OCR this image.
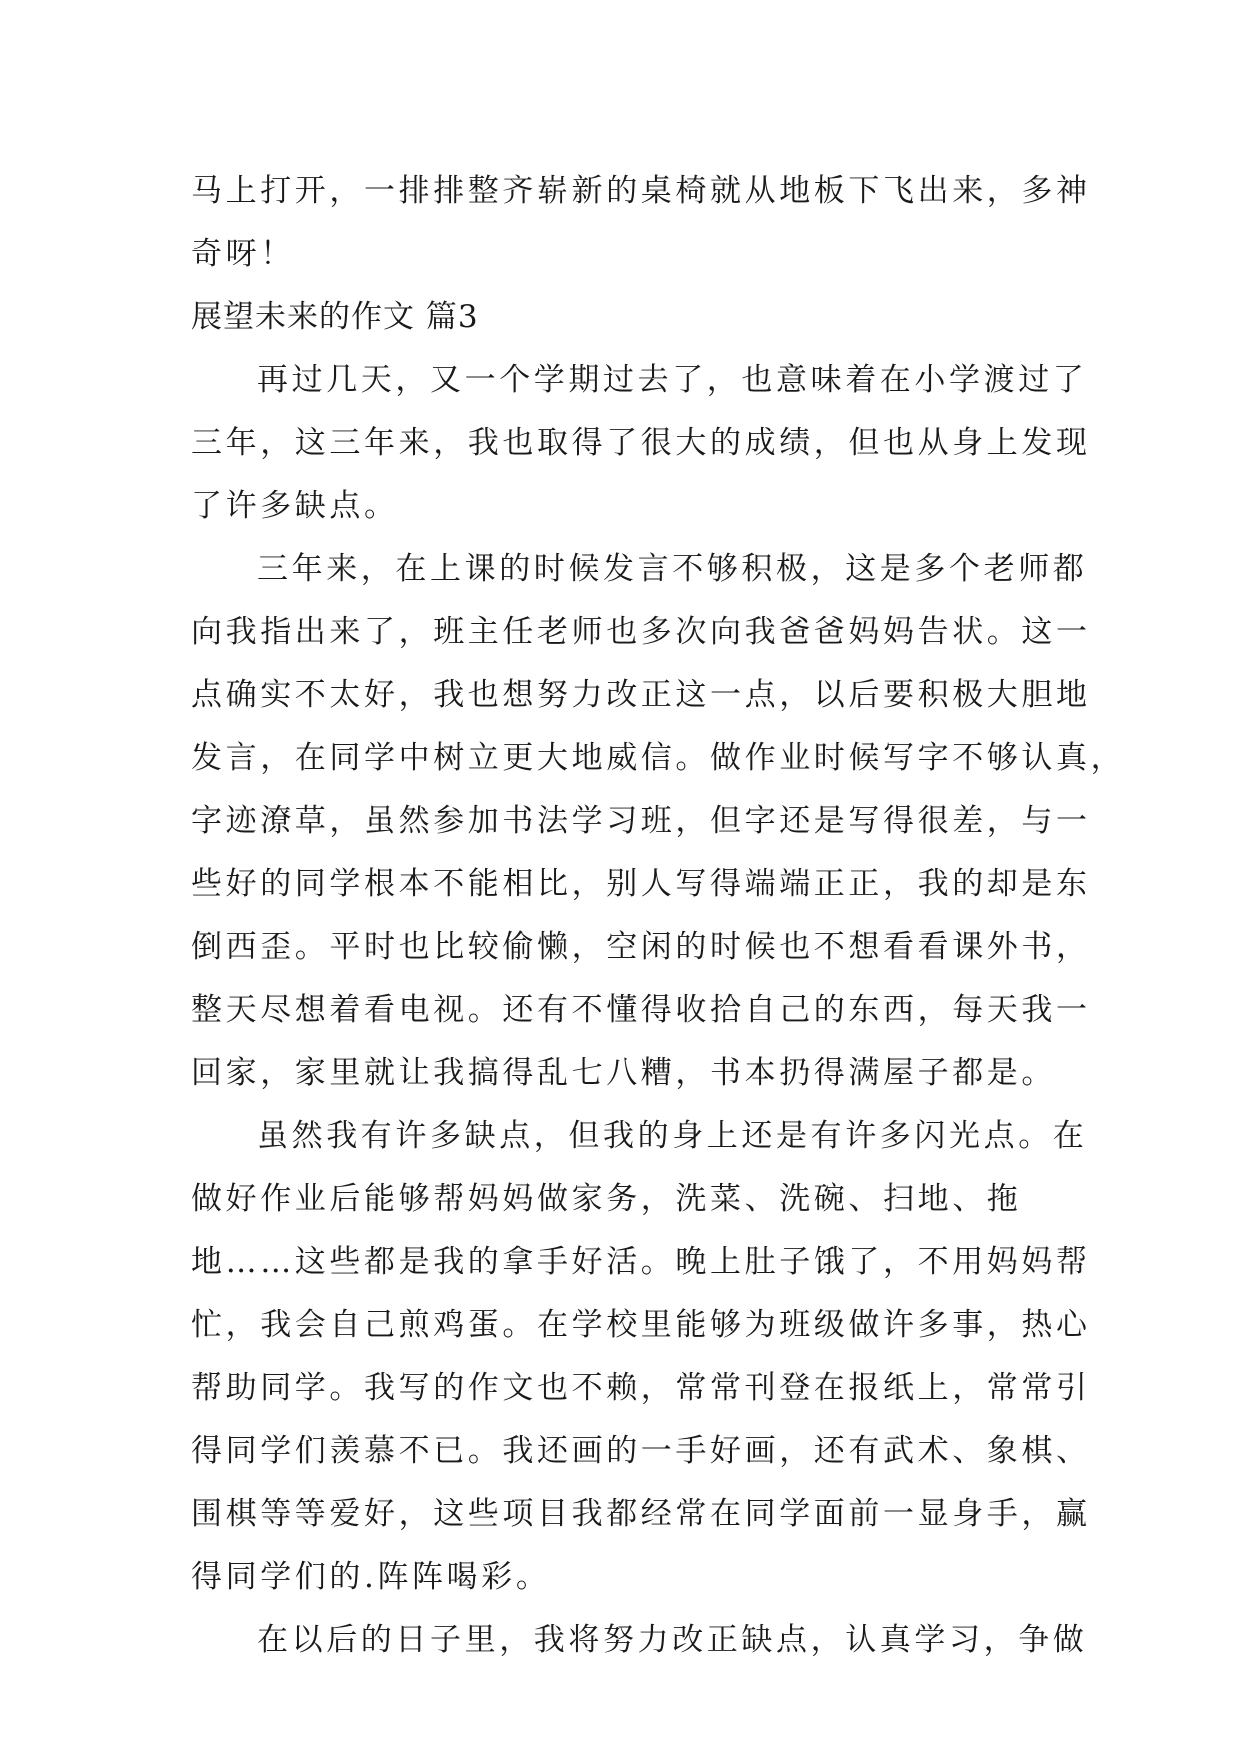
马上打开，一排排整齐崭新的桌椅就从地板下飞出来，多神
奇呀！
展望未来的作文 篇3
再过几天，又一个学期过去了，也意味着在小学渡过了
三年，这三年来，我也取得了很大的成绩，但也从身上发现
了许多缺点。
三年来，在上课的时候发言不够积极，这是多个老师都
向我指出来了，班主任老师也多次向我爸爸妈妈告状。这一
点确实不太好，我也想努力改正这一点，以后要积极大胆地
发言，在同学中树立更大地威信。做作业时候写字不够认真，
字迹潦草，虽然参加书法学习班，但字还是写得很差，与一
些好的同学根本不能相比，别人写得端端正正，我的却是东
倒西歪。平时也比较偷懒，空闲的时候也不想看看课外书，
整天尽想着看电视。还有不懂得收拾自己的东西，每天我一
回家，家里就让我搞得乱七八糟，书本扔得满屋子都是。
虽然我有许多缺点，但我的身上还是有许多闪光点。在
做好作业后能够帮妈妈做家务，洗菜、洗碗、扫地、拖
地……这些都是我的拿手好活。晚上肚子饿了，不用妈妈帮
忙，我会自己煎鸡蛋。在学校里能够为班级做许多事，热心
帮助同学。我写的作文也不赖，常常刊登在报纸上，常常引
得同学们羡慕不已。我还画的一手好画，还有武术、象棋、
围棋等等爱好，这些项目我都经常在同学面前一显身手，赢
得同学们的.阵阵喝彩。
在以后的日子里，我将努力改正缺点，认真学习，争做
